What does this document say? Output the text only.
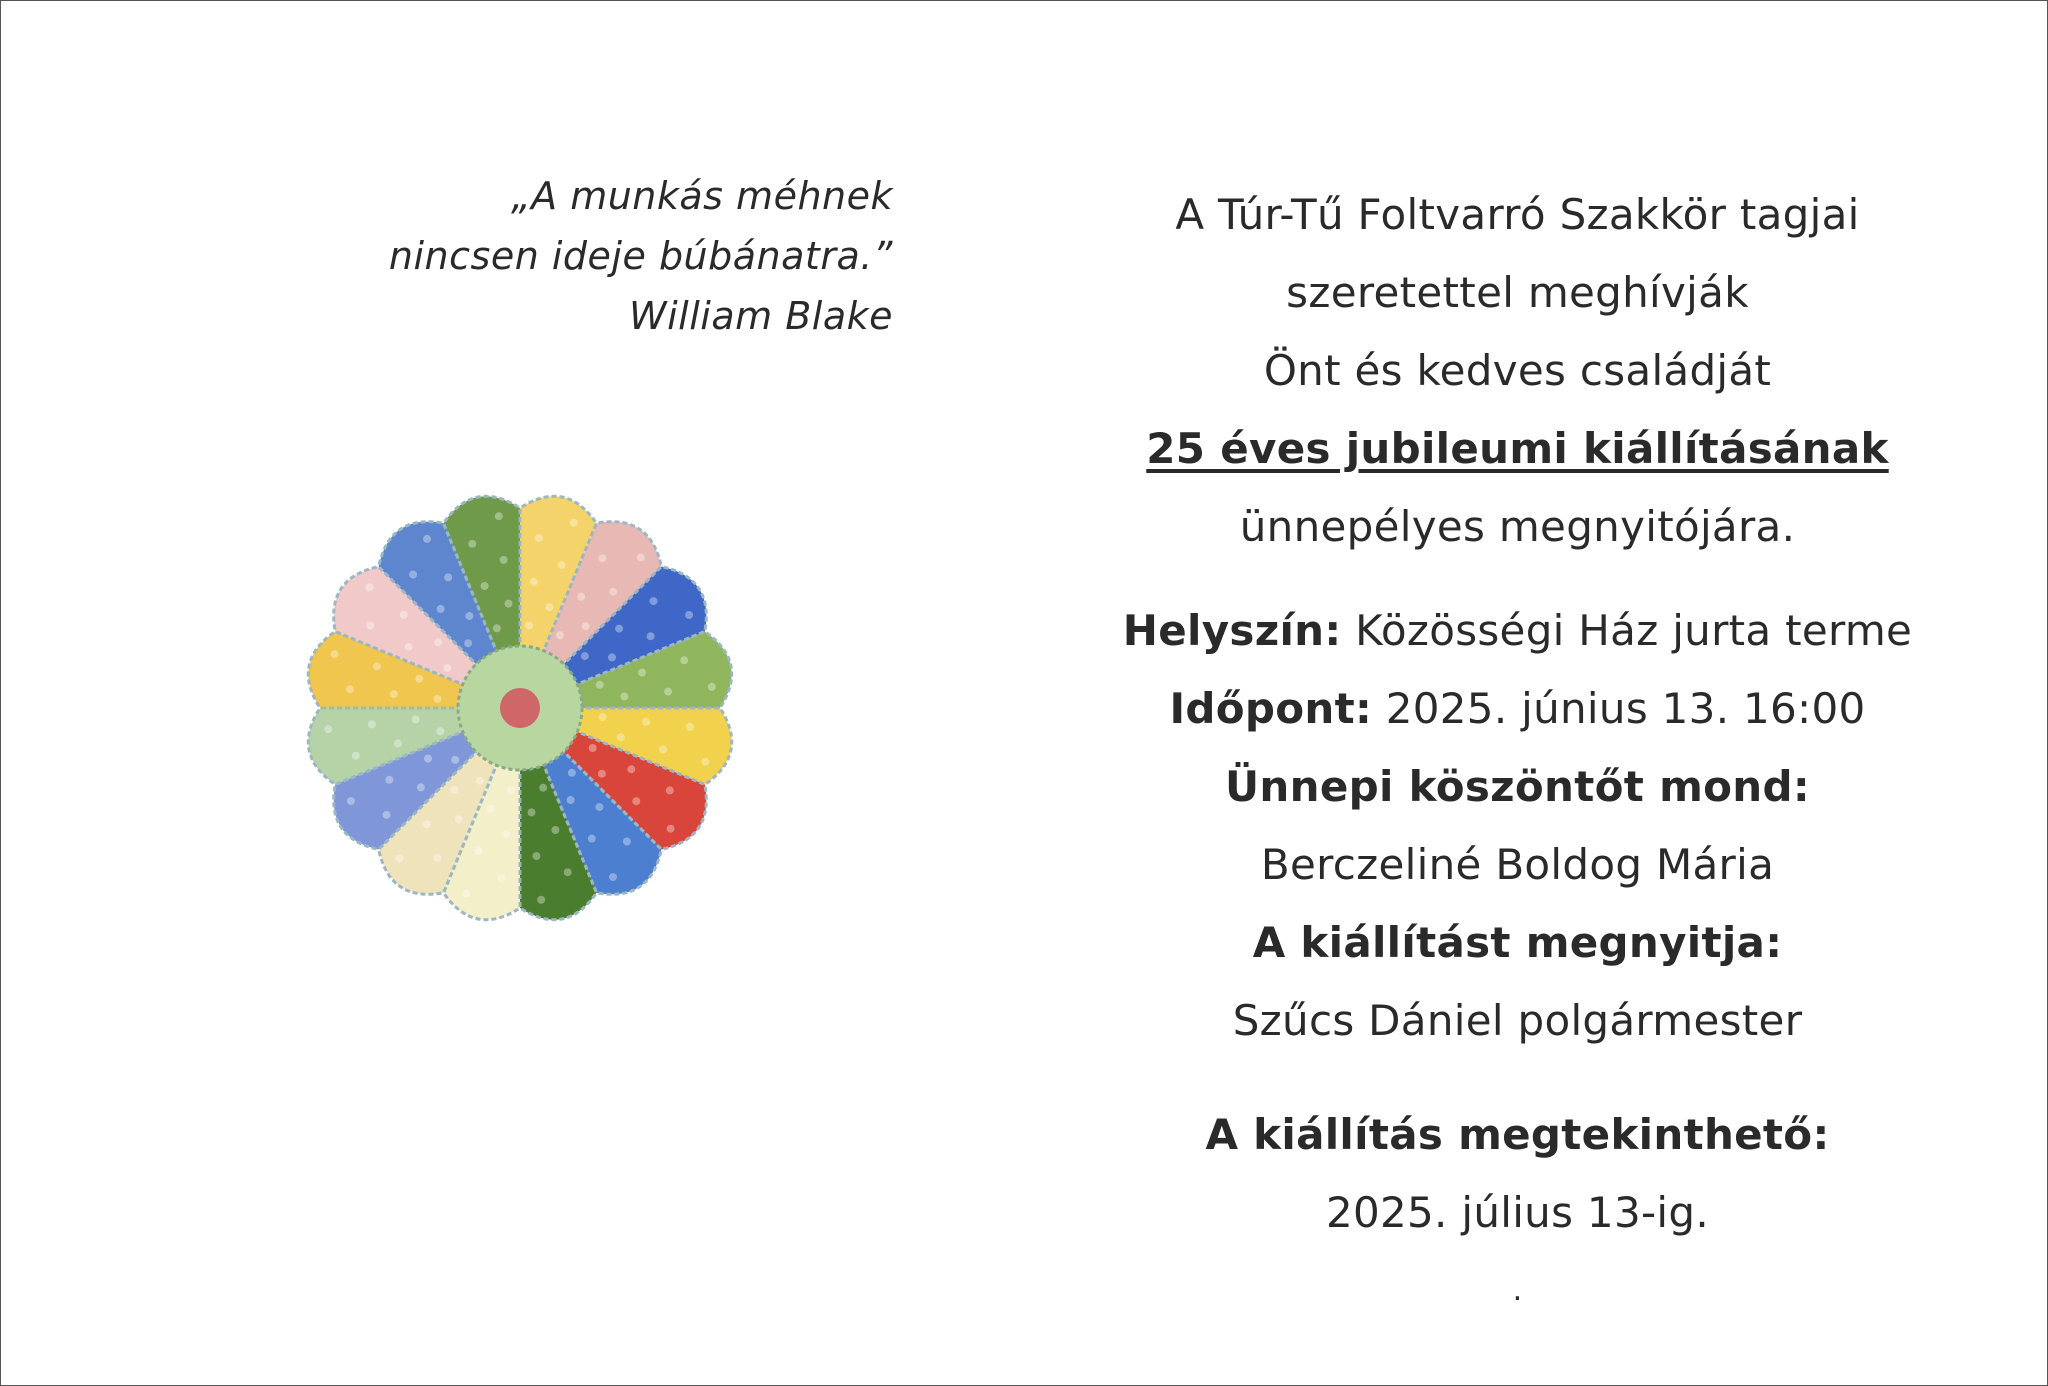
„A munkás méhnek
nincsen ideje búbánatra.”
William Blake
A Túr-Tű Foltvarró Szakkör tagjai
szeretettel meghívják
Önt és kedves családját
25 éves jubileumi kiállításának
ünnepélyes megnyitójára.
Helyszín: Közösségi Ház jurta terme
Időpont: 2025. június 13. 16:00
Ünnepi köszöntőt mond:
Berczeliné Boldog Mária
A kiállítást megnyitja:
Szűcs Dániel polgármester
A kiállítás megtekinthető:
2025. július 13-ig.
.
